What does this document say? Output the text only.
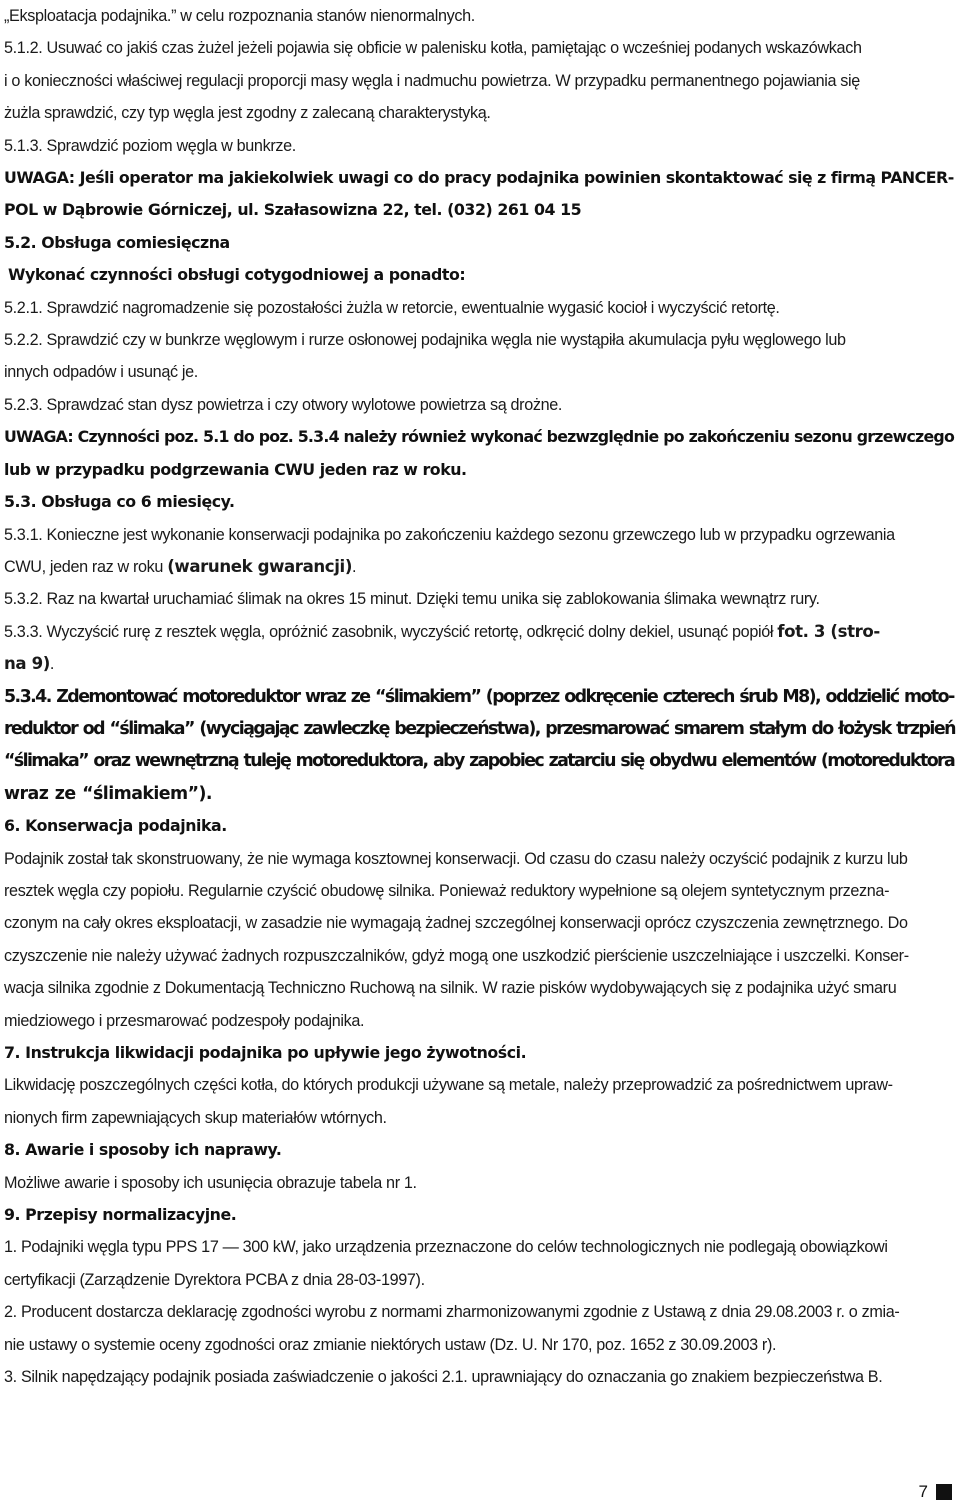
„Eksploatacja podajnika.” w celu rozpoznania stanów nienormalnych.
5.1.2. Usuwać co jakiś czas żużel jeżeli pojawia się obficie w palenisku kotła, pamiętając o wcześniej podanych wskazówkach
i o konieczności właściwej regulacji proporcji masy węgla i nadmuchu powietrza. W przypadku permanentnego pojawiania się
żużla sprawdzić, czy typ węgla jest zgodny z zalecaną charakterystyką.
5.1.3. Sprawdzić poziom węgla w bunkrze.
UWAGA: Jeśli operator ma jakiekolwiek uwagi co do pracy podajnika powinien skontaktować się z firmą PANCER-
POL w Dąbrowie Górniczej, ul. Szałasowizna 22, tel. (032) 261 04 15
5.2. Obsługa comiesięczna
Wykonać czynności obsługi cotygodniowej a ponadto:
5.2.1. Sprawdzić nagromadzenie się pozostałości żużla w retorcie, ewentualnie wygasić kocioł i wyczyścić retortę.
5.2.2. Sprawdzić czy w bunkrze węglowym i rurze osłonowej podajnika węgla nie wystąpiła akumulacja pyłu węglowego lub
innych odpadów i usunąć je.
5.2.3. Sprawdzać stan dysz powietrza i czy otwory wylotowe powietrza są drożne.
UWAGA: Czynności poz. 5.1 do poz. 5.3.4 należy również wykonać bezwzględnie po zakończeniu sezonu grzewczego
lub w przypadku podgrzewania CWU jeden raz w roku.
5.3. Obsługa co 6 miesięcy.
5.3.1. Konieczne jest wykonanie konserwacji podajnika po zakończeniu każdego sezonu grzewczego lub w przypadku ogrzewania
CWU, jeden raz w roku (warunek gwarancji).
5.3.2. Raz na kwartał uruchamiać ślimak na okres 15 minut. Dzięki temu unika się zablokowania ślimaka wewnątrz rury.
5.3.3. Wyczyścić rurę z resztek węgla, opróżnić zasobnik, wyczyścić retortę, odkręcić dolny dekiel, usunąć popiół fot. 3 (stro-
na 9).
5.3.4. Zdemontować motoreduktor wraz ze “ślimakiem” (poprzez odkręcenie czterech śrub M8), oddzielić moto-
reduktor od “ślimaka” (wyciągając zawleczkę bezpieczeństwa), przesmarować smarem stałym do łożysk trzpień
“ślimaka” oraz wewnętrzną tuleję motoreduktora, aby zapobiec zatarciu się obydwu elementów (motoreduktora
wraz ze “ślimakiem”).
6. Konserwacja podajnika.
Podajnik został tak skonstruowany, że nie wymaga kosztownej konserwacji. Od czasu do czasu należy oczyścić podajnik z kurzu lub
resztek węgla czy popiołu. Regularnie czyścić obudowę silnika. Ponieważ reduktory wypełnione są olejem syntetycznym przezna-
czonym na cały okres eksploatacji, w zasadzie nie wymagają żadnej szczególnej konserwacji oprócz czyszczenia zewnętrznego. Do
czyszczenie nie należy używać żadnych rozpuszczalników, gdyż mogą one uszkodzić pierścienie uszczelniające i uszczelki. Konser-
wacja silnika zgodnie z Dokumentacją Techniczno Ruchową na silnik. W razie pisków wydobywających się z podajnika użyć smaru
miedziowego i przesmarować podzespoły podajnika.
7. Instrukcja likwidacji podajnika po upływie jego żywotności.
Likwidację poszczególnych części kotła, do których produkcji używane są metale, należy przeprowadzić za pośrednictwem upraw-
nionych firm zapewniających skup materiałów wtórnych.
8. Awarie i sposoby ich naprawy.
Możliwe awarie i sposoby ich usunięcia obrazuje tabela nr 1.
9. Przepisy normalizacyjne.
1. Podajniki węgla typu PPS 17 — 300 kW, jako urządzenia przeznaczone do celów technologicznych nie podlegają obowiązkowi
certyfikacji (Zarządzenie Dyrektora PCBA z dnia 28-03-1997).
2. Producent dostarcza deklarację zgodności wyrobu z normami zharmonizowanymi zgodnie z Ustawą z dnia 29.08.2003 r. o zmia-
nie ustawy o systemie oceny zgodności oraz zmianie niektórych ustaw (Dz. U. Nr 170, poz. 1652 z 30.09.2003 r).
3. Silnik napędzający podajnik posiada zaświadczenie o jakości 2.1. uprawniający do oznaczania go znakiem bezpieczeństwa B.
7
